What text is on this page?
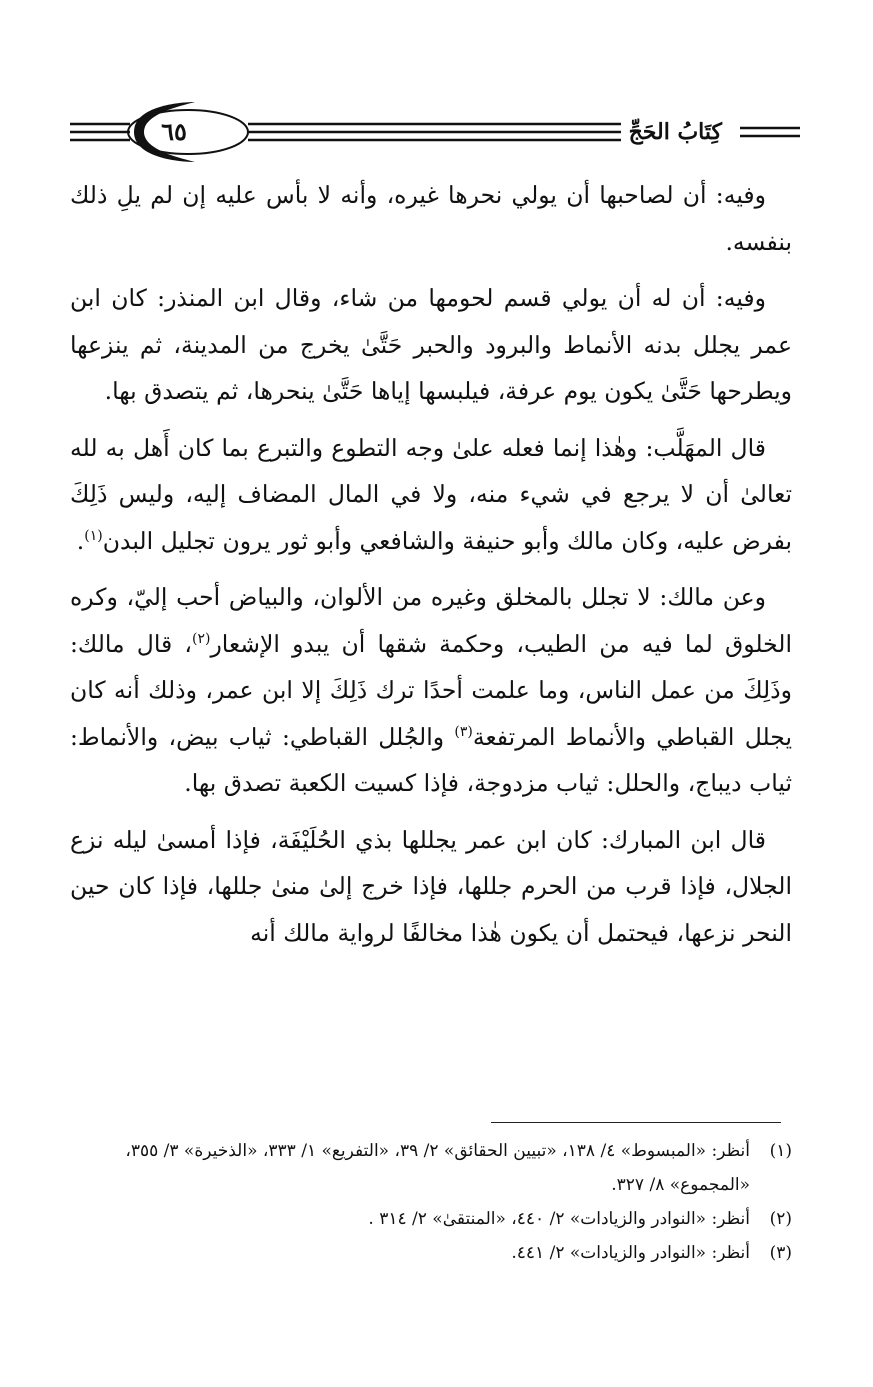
٦٥	كِتَابُ الحَجِّ

وفيه: أن لصاحبها أن يولي نحرها غيره، وأنه لا بأس عليه إن لم يلِ ذلك بنفسه.

وفيه: أن له أن يولي قسم لحومها من شاء، وقال ابن المنذر: كان ابن عمر يجلل بدنه الأنماط والبرود والحبر حَتَّىٰ يخرج من المدينة، ثم ينزعها ويطرحها حَتَّىٰ يكون يوم عرفة، فيلبسها إياها حَتَّىٰ ينحرها، ثم يتصدق بها.

قال المهَلَّب: وهٰذا إنما فعله علىٰ وجه التطوع والتبرع بما كان أَهل به لله تعالىٰ أن لا يرجع في شيء منه، ولا في المال المضاف إليه، وليس ذَلِكَ بفرض عليه، وكان مالك وأبو حنيفة والشافعي وأبو ثور يرون تجليل البدن$^{(١)}$.

وعن مالك: لا تجلل بالمخلق وغيره من الألوان، والبياض أحب إليّ، وكره الخلوق لما فيه من الطيب، وحكمة شقها أن يبدو الإشعار$^{(٢)}$، قال مالك: وذَلِكَ من عمل الناس، وما علمت أحدًا ترك ذَلِكَ إلا ابن عمر، وذلك أنه كان يجلل القباطي والأنماط المرتفعة$^{(٣)}$ والجُلل القباطي: ثياب بيض، والأنماط: ثياب ديباج، والحلل: ثياب مزدوجة، فإذا كسيت الكعبة تصدق بها.

قال ابن المبارك: كان ابن عمر يجللها بذي الحُلَيْفَة، فإذا أمسىٰ ليله نزع الجلال، فإذا قرب من الحرم جللها، فإذا خرج إلىٰ منىٰ جللها، فإذا كان حين النحر نزعها، فيحتمل أن يكون هٰذا مخالفًا لرواية مالك أنه

(١)
أنظر: «المبسوط» ٤/ ١٣٨، «تبيين الحقائق» ٢/ ٣٩، «التفريع» ١/ ٣٣٣، «الذخيرة» ٣/ ٣٥٥، «المجموع» ٨/ ٣٢٧.
(٢)
أنظر: «النوادر والزيادات» ٢/ ٤٤٠، «المنتقىٰ» ٢/ ٣١٤ .
(٣)
أنظر: «النوادر والزيادات» ٢/ ٤٤١.
